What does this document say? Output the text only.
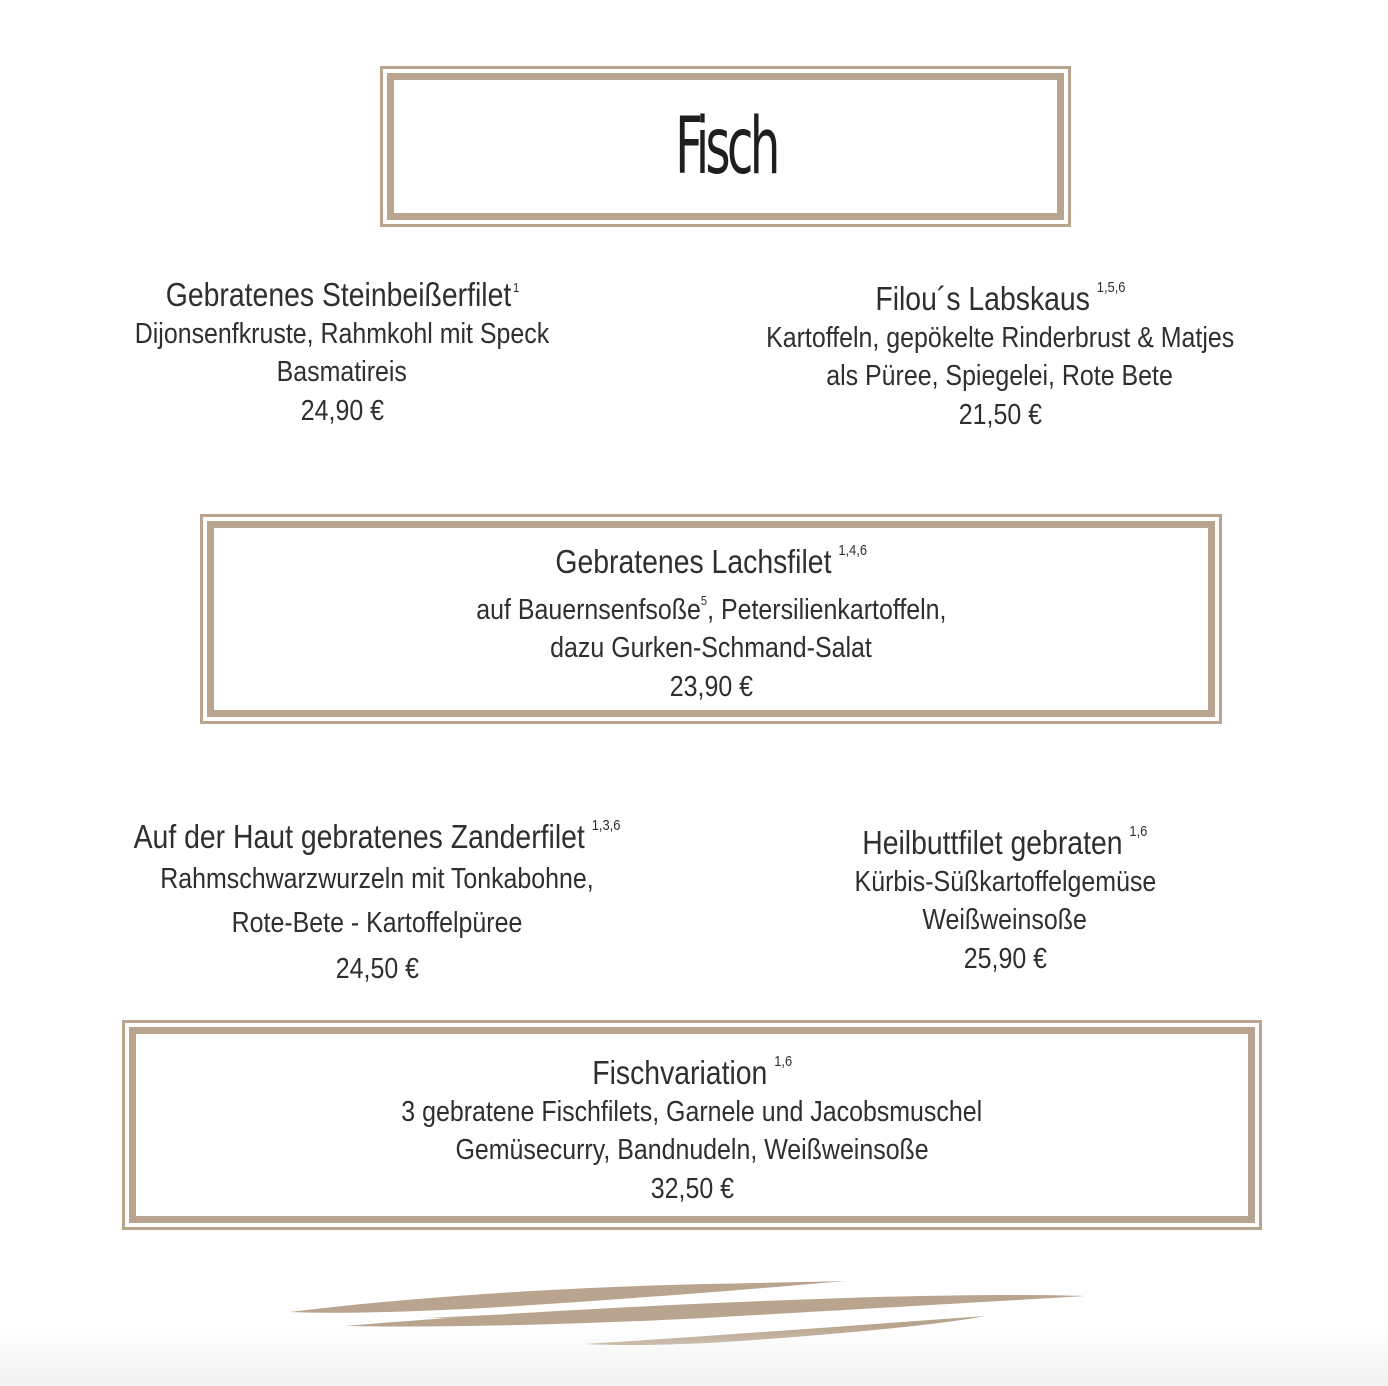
Fisch
Gebratenes Steinbeißerfilet $^1$
Dijonsenfkruste, Rahmkohl mit Speck
Basmatireis
24,90 €
Filou´s Labskaus $^{1,5,6}$
Kartoffeln, gepökelte Rinderbrust & Matjes
als Püree, Spiegelei, Rote Bete
21,50 €
Gebratenes Lachsfilet $^{1,4,6}$
auf Bauernsenfsoße$^5$, Petersilienkartoffeln,
dazu Gurken-Schmand-Salat
23,90 €
Auf der Haut gebratenes Zanderfilet $^{1,3,6}$
Rahmschwarzwurzeln mit Tonkabohne,
Rote-Bete - Kartoffelpüree
24,50 €
Heilbuttfilet gebraten $^{1,6}$
Kürbis-Süßkartoffelgemüse
Weißweinsoße
25,90 €
Fischvariation $^{1,6}$
3 gebratene Fischfilets, Garnele und Jacobsmuschel
Gemüsecurry, Bandnudeln, Weißweinsoße
32,50 €
